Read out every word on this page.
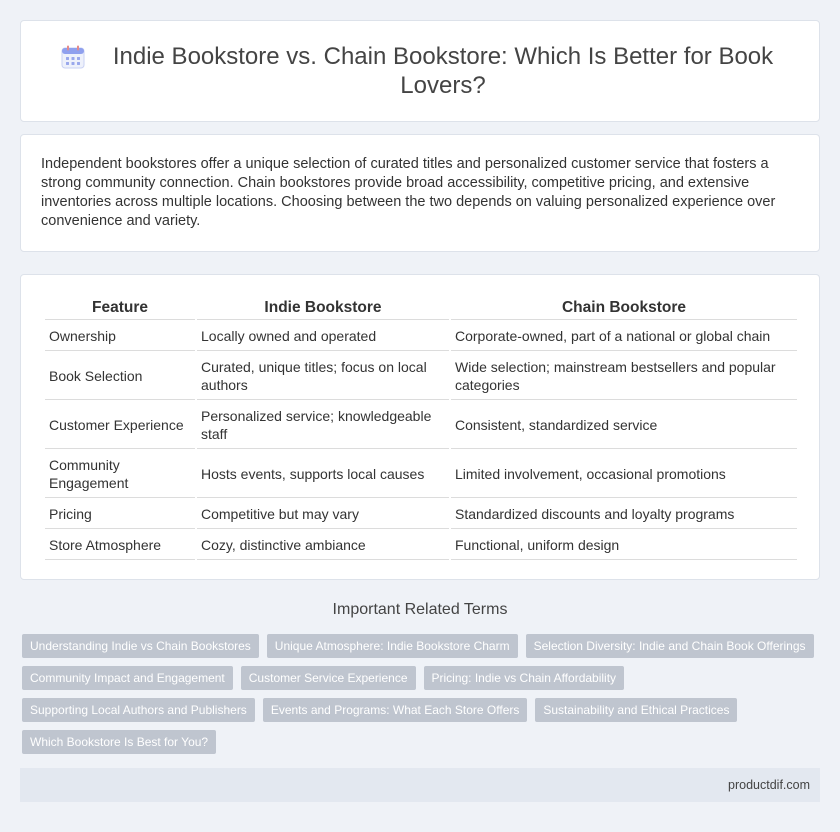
Indie Bookstore vs. Chain Bookstore: Which Is Better for Book Lovers?

Independent bookstores offer a unique selection of curated titles and personalized customer service that fosters a strong community connection. Chain bookstores provide broad accessibility, competitive pricing, and extensive inventories across multiple locations. Choosing between the two depends on valuing personalized experience over convenience and variety.

Feature	Indie Bookstore	Chain Bookstore
Ownership	Locally owned and operated	Corporate-owned, part of a national or global chain
Book Selection	Curated, unique titles; focus on local authors	Wide selection; mainstream bestsellers and popular categories
Customer Experience	Personalized service; knowledgeable staff	Consistent, standardized service
Community Engagement	Hosts events, supports local causes	Limited involvement, occasional promotions
Pricing	Competitive but may vary	Standardized discounts and loyalty programs
Store Atmosphere	Cozy, distinctive ambiance	Functional, uniform design
Important Related Terms
Understanding Indie vs Chain Bookstores	Unique Atmosphere: Indie Bookstore Charm	Selection Diversity: Indie and Chain Book Offerings
Community Impact and Engagement	Customer Service Experience	Pricing: Indie vs Chain Affordability
Supporting Local Authors and Publishers	Events and Programs: What Each Store Offers	Sustainability and Ethical Practices
Which Bookstore Is Best for You?
productdif.com
